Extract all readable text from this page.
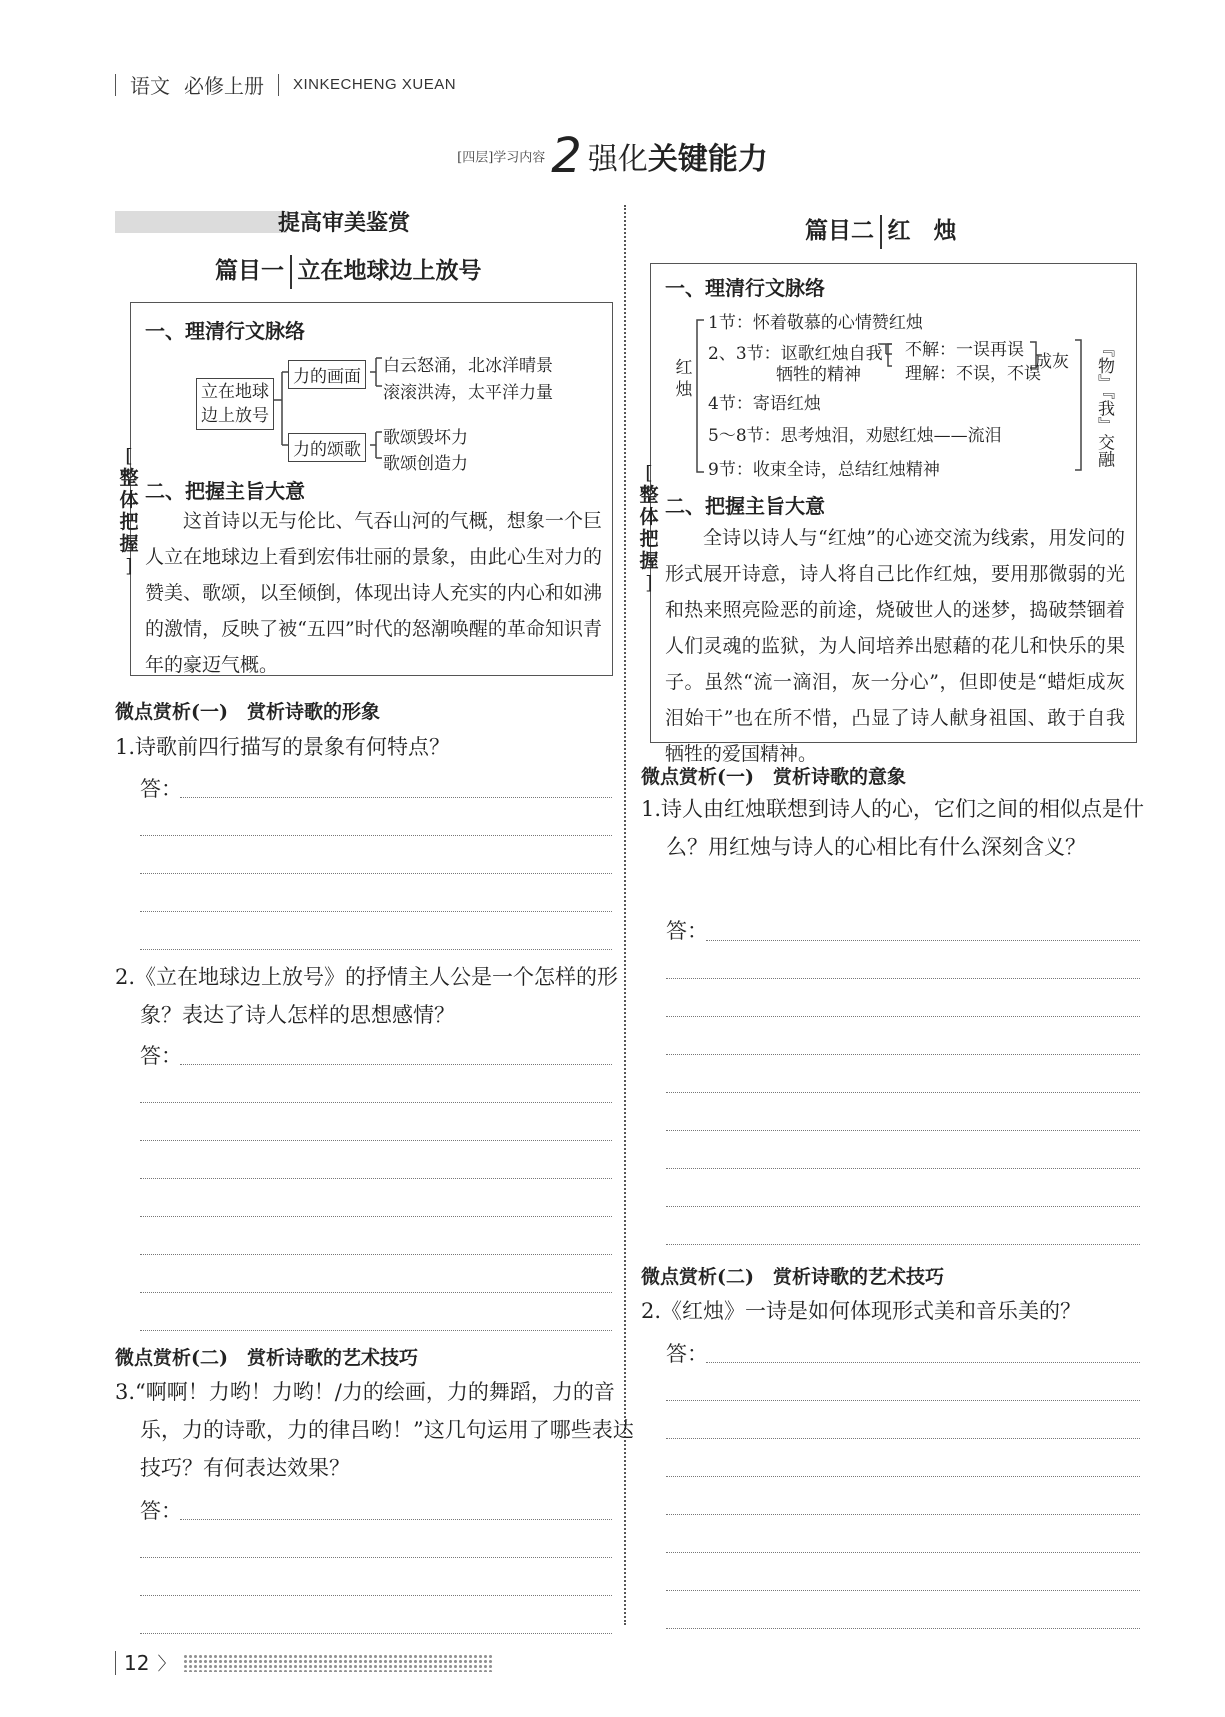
语文 必修上册 XINKECHENG XUEAN
[四层]学习内容 2 强化关键能力
提高审美鉴赏
篇目一 立在地球边上放号
[
整
体
把
握
]
一、理清行文脉络
立在地球
边上放号
力的画面
力的颂歌
白云怒涌，北冰洋晴景
滚滚洪涛，太平洋力量
歌颂毁坏力
歌颂创造力
二、把握主旨大意
这首诗以无与伦比、气吞山河的气概，想象一个巨人立在地球边上看到宏伟壮丽的景象，由此心生对力的赞美、歌颂，以至倾倒，体现出诗人充实的内心和如沸的激情，反映了被“五四”时代的怒潮唤醒的革命知识青年的豪迈气概。
微点赏析(一)　赏析诗歌的形象
1.诗歌前四行描写的景象有何特点？
答：
2.《立在地球边上放号》的抒情主人公是一个怎样的形象？表达了诗人怎样的思想感情？
答：
微点赏析(二)　赏析诗歌的艺术技巧
3.“啊啊！力哟！力哟！/力的绘画，力的舞蹈，力的音乐，力的诗歌，力的律吕哟！”这几句运用了哪些表达技巧？有何表达效果？
答：
篇目二 红　烛
[
整
体
把
握
]
一、理清行文脉络
红
烛
1节：怀着敬慕的心情赞红烛
2、3节：讴歌红烛自我
牺牲的精神
不解：一误再误
理解：不误，不误
成灰
4节：寄语红烛
5～8节：思考烛泪，劝慰红烛——流泪
9节：收束全诗，总结红烛精神
『物』『我』交融
二、把握主旨大意
全诗以诗人与“红烛”的心迹交流为线索，用发问的形式展开诗意，诗人将自己比作红烛，要用那微弱的光和热来照亮险恶的前途，烧破世人的迷梦，捣破禁锢着人们灵魂的监狱，为人间培养出慰藉的花儿和快乐的果子。虽然“流一滴泪，灰一分心”，但即使是“蜡炬成灰泪始干”也在所不惜，凸显了诗人献身祖国、敢于自我牺牲的爱国精神。
微点赏析(一)　赏析诗歌的意象
1.诗人由红烛联想到诗人的心，它们之间的相似点是什么？用红烛与诗人的心相比有什么深刻含义？
答：
微点赏析(二)　赏析诗歌的艺术技巧
2.《红烛》一诗是如何体现形式美和音乐美的？
答：
12 〉
